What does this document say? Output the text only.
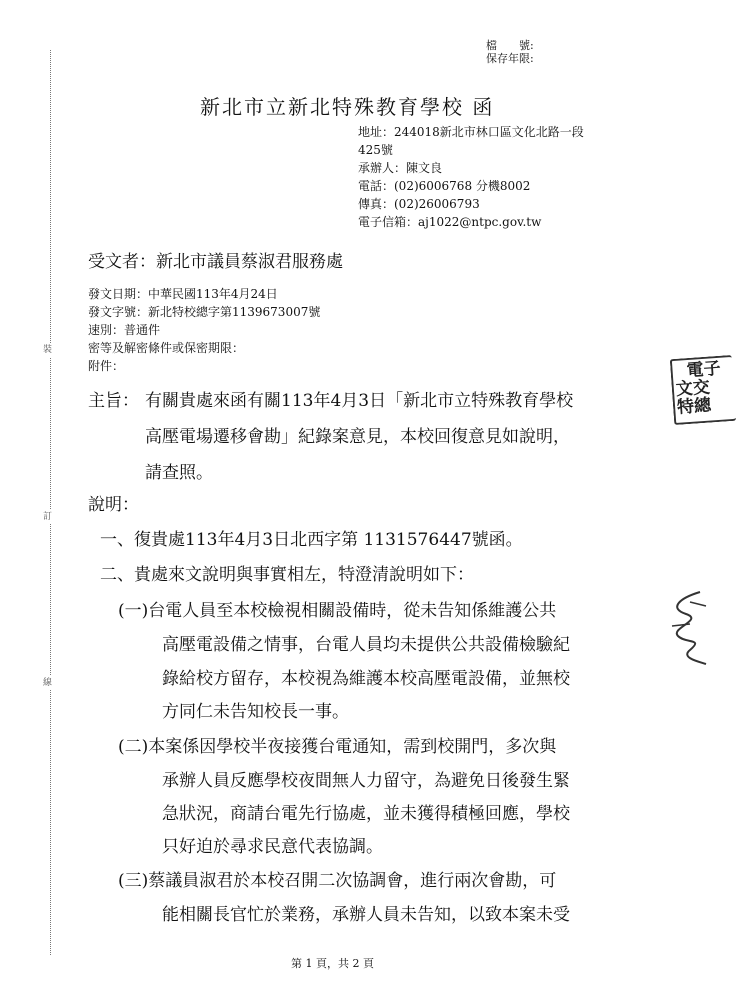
裝
訂
線
檔　　號:
保存年限:
新北市立新北特殊教育學校 函
地址：244018新北市林口區文化北路一段
425號
承辦人：陳文良
電話：(02)6006768 分機8002
傳真：(02)26006793
電子信箱：aj1022@ntpc.gov.tw
受文者：新北市議員蔡淑君服務處
發文日期：中華民國113年4月24日
發文字號：新北特校總字第1139673007號
速別：普通件
密等及解密條件或保密期限：
附件：
主旨： 有關貴處來函有關113年4月3日「新北市立特殊教育學校
高壓電場遷移會勘」紀錄案意見，本校回復意見如說明，
請查照。
說明：
一、復貴處113年4月3日北西字第 1131576447號函。
二、貴處來文說明與事實相左，特澄清說明如下：
(一)台電人員至本校檢視相關設備時，從未告知係維護公共
高壓電設備之情事，台電人員均未提供公共設備檢驗紀
錄給校方留存，本校視為維護本校高壓電設備，並無校
方同仁未告知校長一事。
(二)本案係因學校半夜接獲台電通知，需到校開門，多次與
承辦人員反應學校夜間無人力留守，為避免日後發生緊
急狀況，商請台電先行協處，並未獲得積極回應，學校
只好迫於尋求民意代表協調。
(三)蔡議員淑君於本校召開二次協調會，進行兩次會勘，可
能相關長官忙於業務，承辦人員未告知，以致本案未受
電子
文交
特總
第 1 頁，共 2 頁
